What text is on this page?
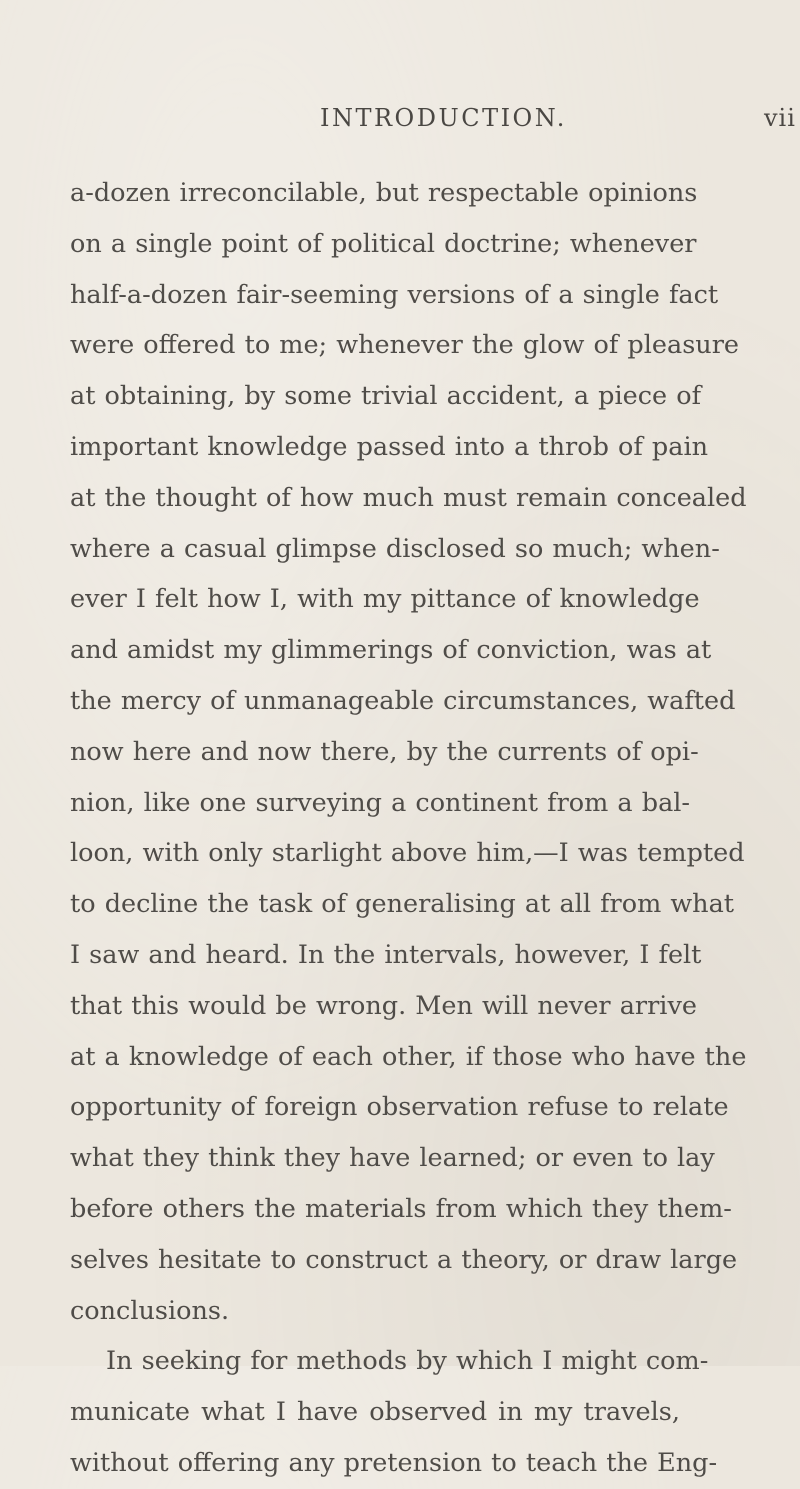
INTRODUCTION.	vii
a-dozen irreconcilable, but respectable opinions
on a single point of political doctrine; whenever
half-a-dozen fair-seeming versions of a single fact
were offered to me; whenever the glow of pleasure
at obtaining, by some trivial accident, a piece of
important knowledge passed into a throb of pain
at the thought of how much must remain concealed
where a casual glimpse disclosed so much; when-
ever I felt how I, with my pittance of knowledge
and amidst my glimmerings of conviction, was at
the mercy of unmanageable circumstances, wafted
now here and now there, by the currents of opi-
nion, like one surveying a continent from a bal-
loon, with only starlight above him,—I was tempted
to decline the task of generalising at all from what
I saw and heard. In the intervals, however, I felt
that this would be wrong. Men will never arrive
at a knowledge of each other, if those who have the
opportunity of foreign observation refuse to relate
what they think they have learned; or even to lay
before others the materials from which they them-
selves hesitate to construct a theory, or draw large
conclusions.
In seeking for methods by which I might com-
municate what I have observed in my travels,
without offering any pretension to teach the Eng-
